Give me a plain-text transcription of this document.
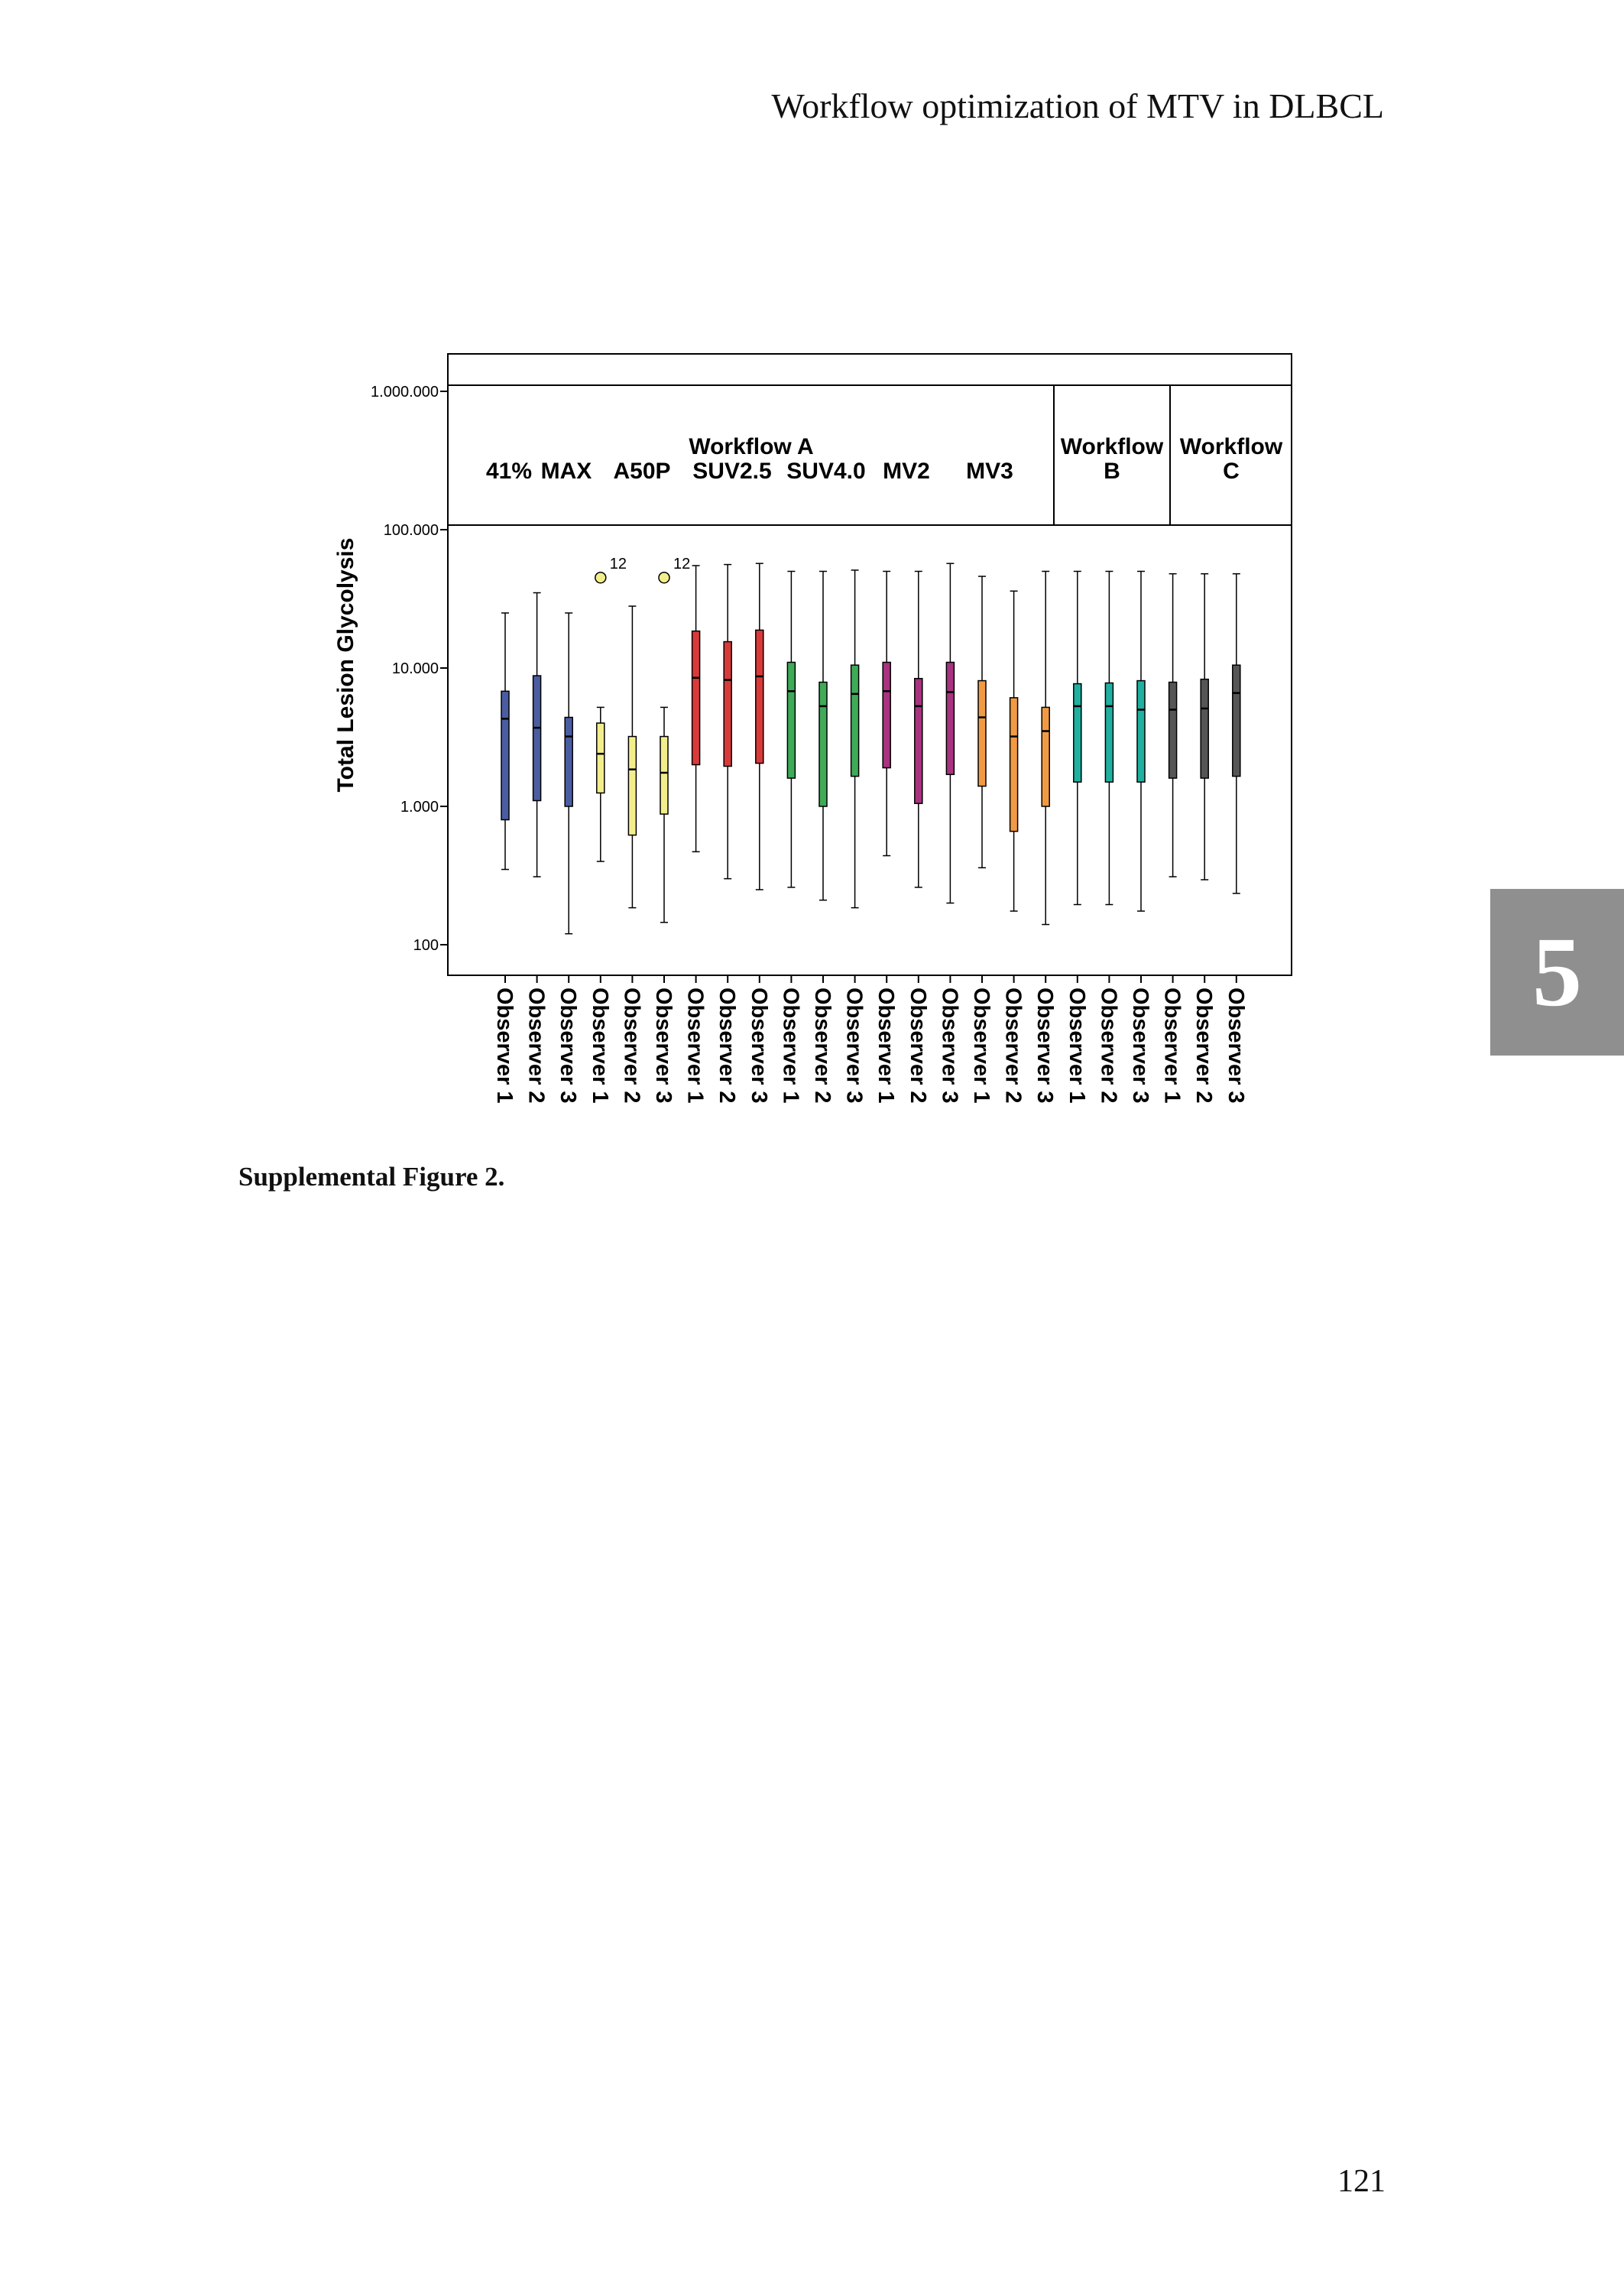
Workflow optimization of MTV in DLBCL
5
Workflow A
41% MAX A50P SUV2.5 SUV4.0 MV2 MV3
Workflow B
Workflow C
Total Lesion Glycolysis
100
1.000
10.000
100.000
1.000.000
12	12
Observer 1 Observer 2 Observer 3 Observer 1 Observer 2 Observer 3 Observer 1 Observer 2 Observer 3 Observer 1 Observer 2 Observer 3 Observer 1 Observer 2 Observer 3 Observer 1 Observer 2 Observer 3 Observer 1 Observer 2 Observer 3 Observer 1 Observer 2 Observer 3
Supplemental Figure 2.
121
